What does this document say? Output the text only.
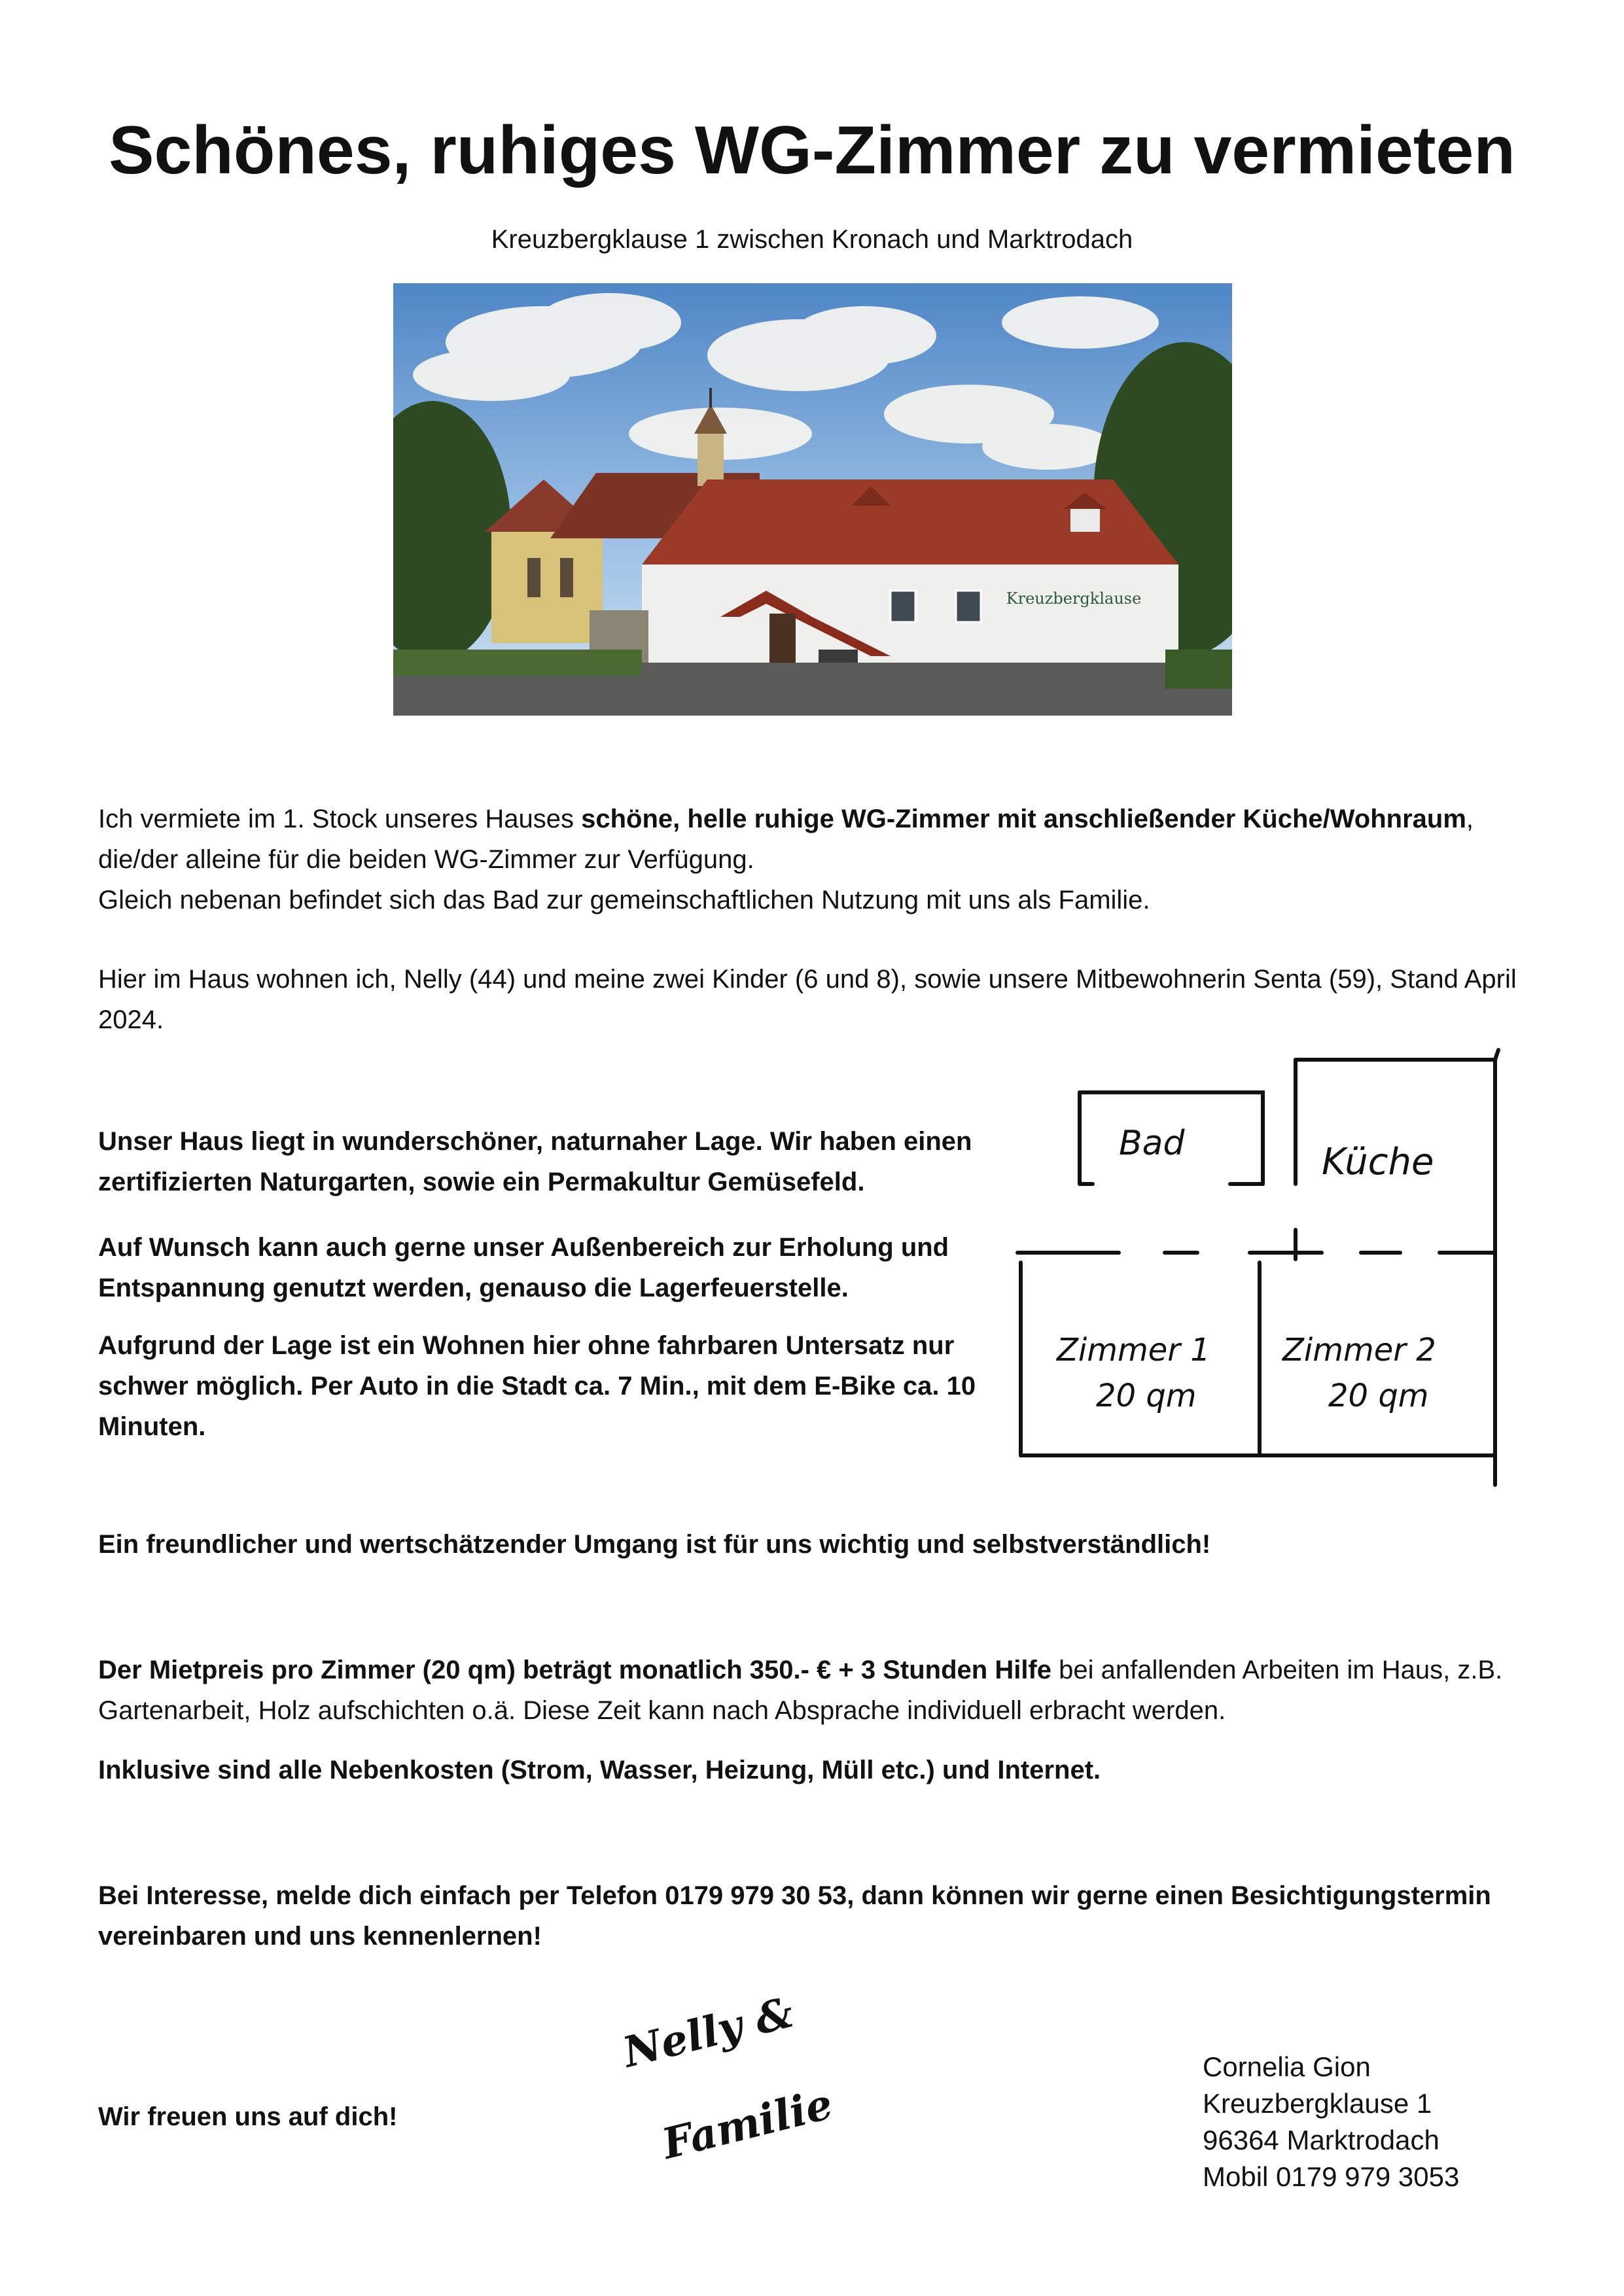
Schönes, ruhiges WG-Zimmer zu vermieten
Kreuzbergklause 1 zwischen Kronach und Marktrodach
Kreuzbergklause
Ich vermiete im 1. Stock unseres Hauses schöne, helle ruhige WG-Zimmer mit anschließender Küche/Wohnraum,
die/der alleine für die beiden WG-Zimmer zur Verfügung.
Gleich nebenan befindet sich das Bad zur gemeinschaftlichen Nutzung mit uns als Familie.
Hier im Haus wohnen ich, Nelly (44) und meine zwei Kinder (6 und 8), sowie unsere Mitbewohnerin Senta (59), Stand April 2024.
Unser Haus liegt in wunderschöner, naturnaher Lage. Wir haben einen zertifizierten Naturgarten, sowie ein Permakultur Gemüsefeld.
Auf Wunsch kann auch gerne unser Außenbereich zur Erholung und Entspannung genutzt werden, genauso die Lagerfeuerstelle.
Aufgrund der Lage ist ein Wohnen hier ohne fahrbaren Untersatz nur schwer möglich. Per Auto in die Stadt ca. 7 Min., mit dem E-Bike ca. 10 Minuten.
Bad	Küche
Zimmer 1
20 qm
Zimmer 2
20 qm
Ein freundlicher und wertschätzender Umgang ist für uns wichtig und selbstverständlich!
Der Mietpreis pro Zimmer (20 qm) beträgt monatlich 350.- € + 3 Stunden Hilfe bei anfallenden Arbeiten im Haus, z.B. Gartenarbeit, Holz aufschichten o.ä. Diese Zeit kann nach Absprache individuell erbracht werden.
Inklusive sind alle Nebenkosten (Strom, Wasser, Heizung, Müll etc.) und Internet.
Bei Interesse, melde dich einfach per Telefon 0179 979 30 53, dann können wir gerne einen Besichtigungstermin vereinbaren und uns kennenlernen!
Wir freuen uns auf dich!
Nelly &
Familie
Cornelia Gion
Kreuzbergklause 1
96364 Marktrodach
Mobil 0179 979 3053
